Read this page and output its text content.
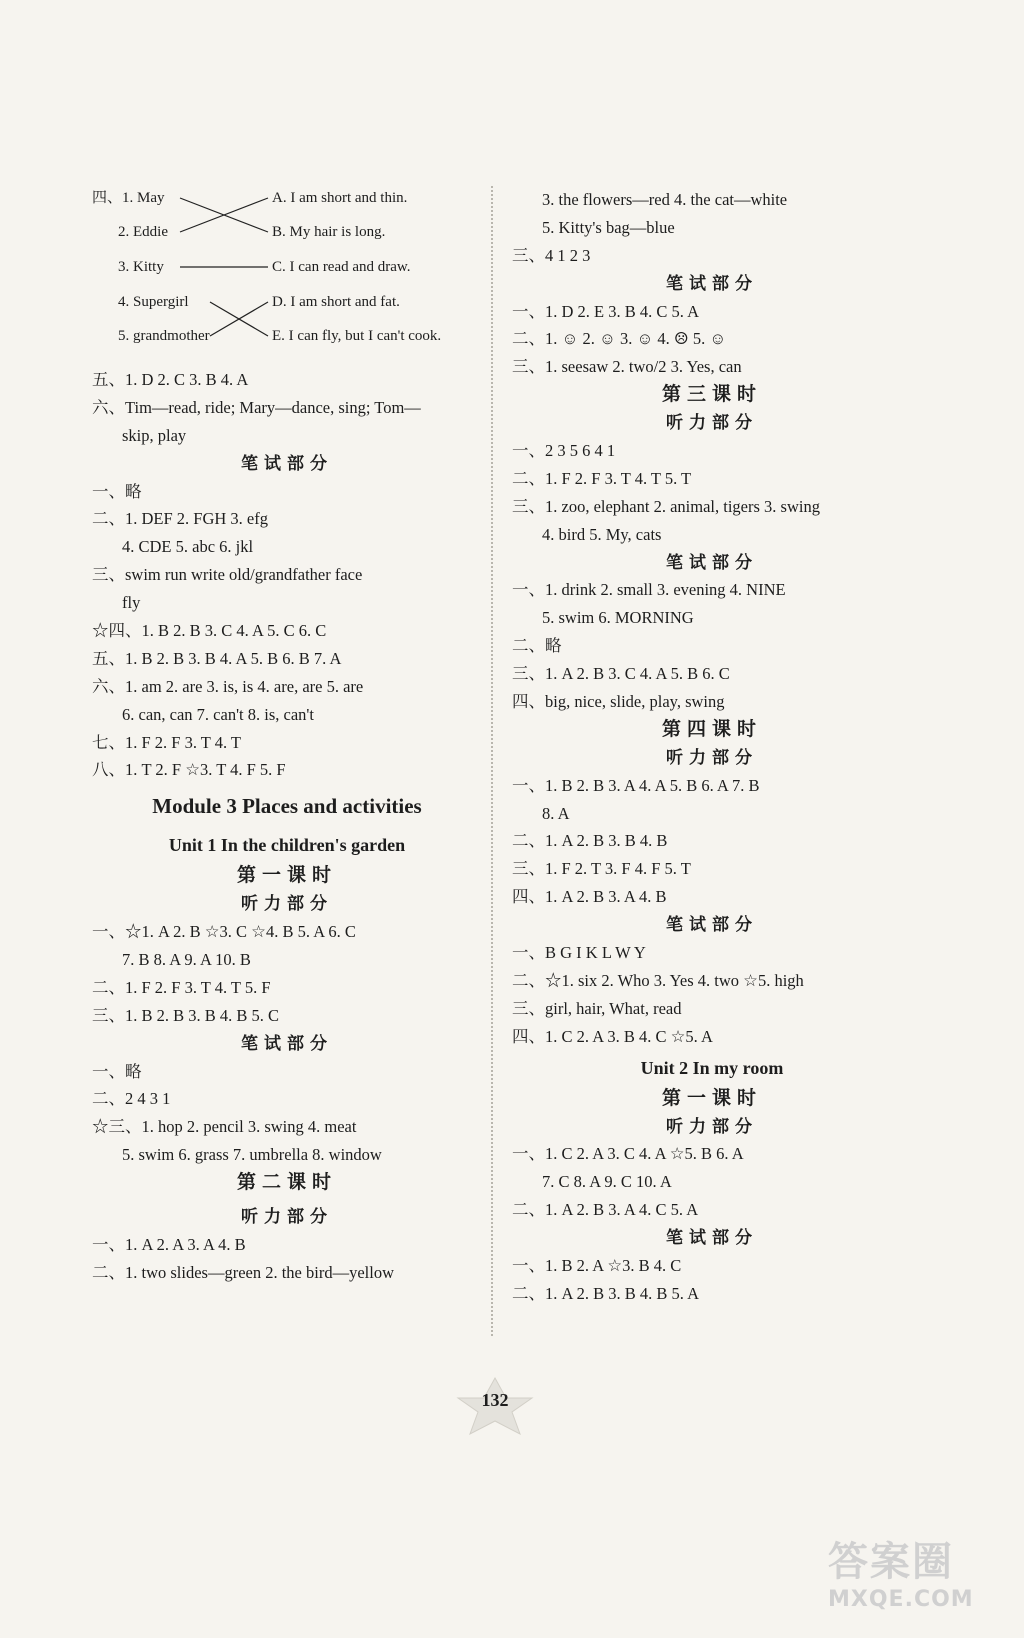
四、1. May
2. Eddie
3. Kitty
4. Supergirl
5. grandmother
A. I am short and thin.
B. My hair is long.
C. I can read and draw.
D. I am short and fat.
E. I can fly, but I can't cook.
五、1. D 2. C 3. B 4. A
六、Tim—read, ride; Mary—dance, sing; Tom—
skip, play
笔试部分
一、略
二、1. DEF 2. FGH 3. efg
4. CDE 5. abc 6. jkl
三、swim run write old/grandfather face
fly
☆四、1. B 2. B 3. C 4. A 5. C 6. C
五、1. B 2. B 3. B 4. A 5. B 6. B 7. A
六、1. am 2. are 3. is, is 4. are, are 5. are
6. can, can 7. can't 8. is, can't
七、1. F 2. F 3. T 4. T
八、1. T 2. F ☆3. T 4. F 5. F
Module 3 Places and activities
Unit 1 In the children's garden
第一课时
听力部分
一、☆1. A 2. B ☆3. C ☆4. B 5. A 6. C
7. B 8. A 9. A 10. B
二、1. F 2. F 3. T 4. T 5. F
三、1. B 2. B 3. B 4. B 5. C
笔试部分
一、略
二、2 4 3 1
☆三、1. hop 2. pencil 3. swing 4. meat
5. swim 6. grass 7. umbrella 8. window
第二课时
听力部分
一、1. A 2. A 3. A 4. B
二、1. two slides—green 2. the bird—yellow
3. the flowers—red 4. the cat—white
5. Kitty's bag—blue
三、4 1 2 3
笔试部分
一、1. D 2. E 3. B 4. C 5. A
二、1. ☺ 2. ☺ 3. ☺ 4. ☹ 5. ☺
三、1. seesaw 2. two/2 3. Yes, can
第三课时
听力部分
一、2 3 5 6 4 1
二、1. F 2. F 3. T 4. T 5. T
三、1. zoo, elephant 2. animal, tigers 3. swing
4. bird 5. My, cats
笔试部分
一、1. drink 2. small 3. evening 4. NINE
5. swim 6. MORNING
二、略
三、1. A 2. B 3. C 4. A 5. B 6. C
四、big, nice, slide, play, swing
第四课时
听力部分
一、1. B 2. B 3. A 4. A 5. B 6. A 7. B
8. A
二、1. A 2. B 3. B 4. B
三、1. F 2. T 3. F 4. F 5. T
四、1. A 2. B 3. A 4. B
笔试部分
一、B G I K L W Y
二、☆1. six 2. Who 3. Yes 4. two ☆5. high
三、girl, hair, What, read
四、1. C 2. A 3. B 4. C ☆5. A
Unit 2 In my room
第一课时
听力部分
一、1. C 2. A 3. C 4. A ☆5. B 6. A
7. C 8. A 9. C 10. A
二、1. A 2. B 3. A 4. C 5. A
笔试部分
一、1. B 2. A ☆3. B 4. C
二、1. A 2. B 3. B 4. B 5. A
132
答案圈
MXQE.COM
